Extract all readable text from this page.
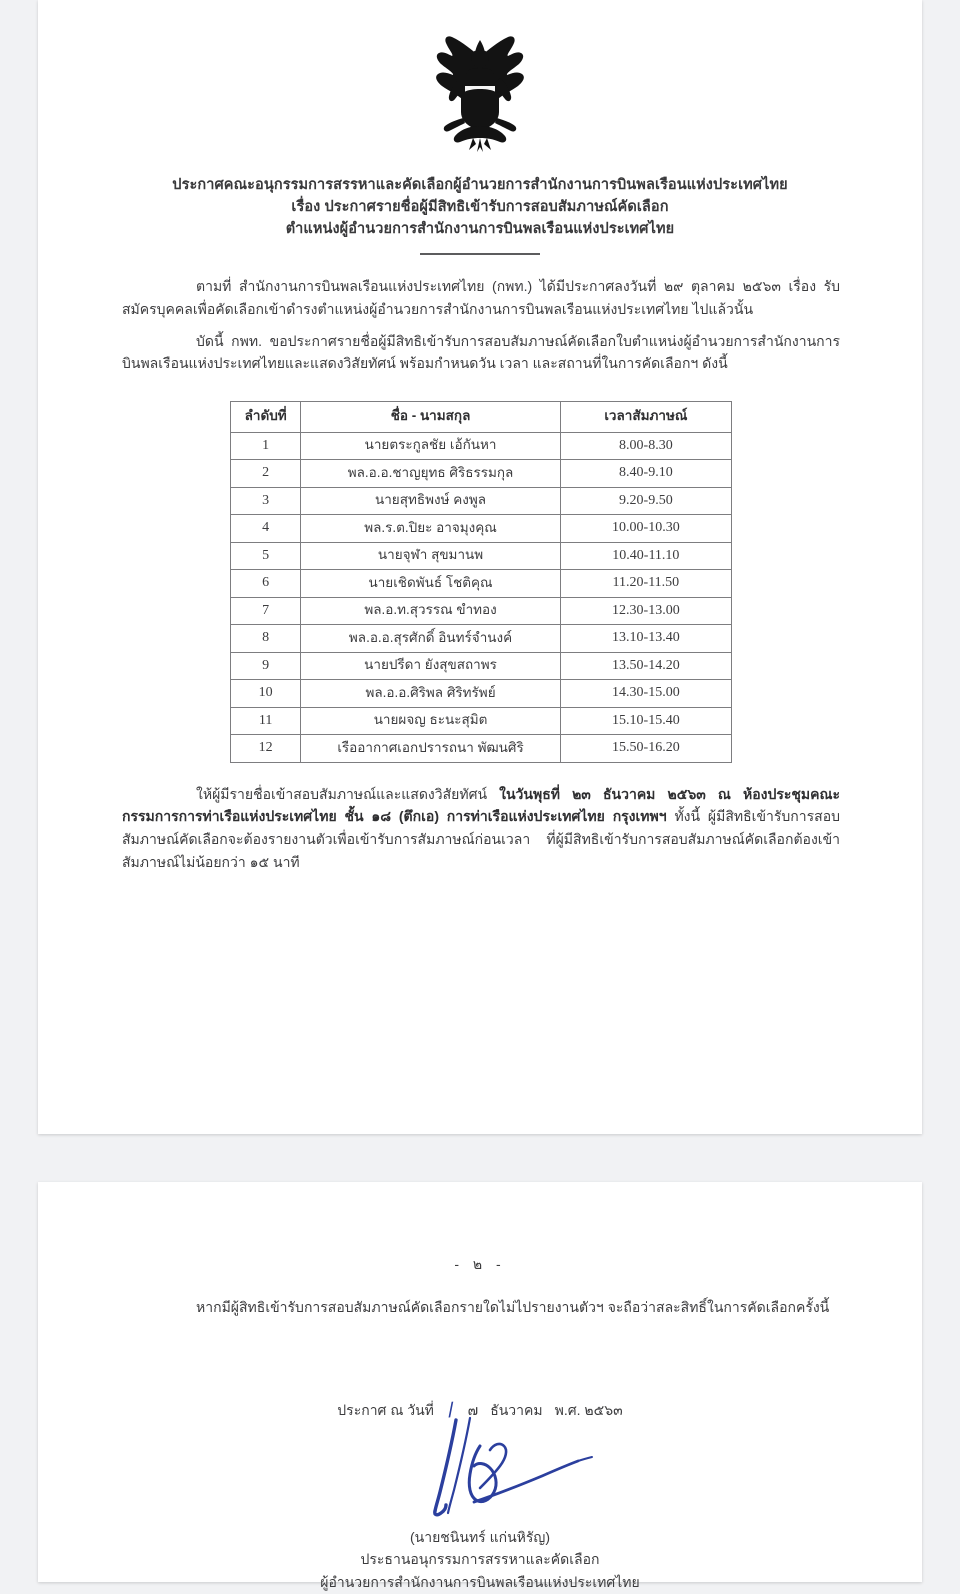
ประกาศคณะอนุกรรมการสรรหาและคัดเลือกผู้อำนวยการสำนักงานการบินพลเรือนแห่งประเทศไทย
เรื่อง ประกาศรายชื่อผู้มีสิทธิเข้ารับการสอบสัมภาษณ์คัดเลือก
ตำแหน่งผู้อำนวยการสำนักงานการบินพลเรือนแห่งประเทศไทย
ตามที่ สำนักงานการบินพลเรือนแห่งประเทศไทย (กพท.) ได้มีประกาศลงวันที่ ๒๙ ตุลาคม ๒๕๖๓ เรื่อง รับสมัครบุคคลเพื่อคัดเลือกเข้าดำรงตำแหน่งผู้อำนวยการสำนักงานการบินพลเรือนแห่งประเทศไทย ไปแล้วนั้น
บัดนี้ กพท. ขอประกาศรายชื่อผู้มีสิทธิเข้ารับการสอบสัมภาษณ์คัดเลือกใบตำแหน่งผู้อำนวยการสำนักงานการบินพลเรือนแห่งประเทศไทยและแสดงวิสัยทัศน์ พร้อมกำหนดวัน เวลา และสถานที่ในการคัดเลือกฯ ดังนี้
ลำดับที่	ชื่อ - นามสกุล	เวลาสัมภาษณ์
1	นายตระกูลชัย เอ้กันหา	8.00-8.30
2	พล.อ.อ.ชาญยุทธ ศิริธรรมกุล	8.40-9.10
3	นายสุทธิพงษ์ คงพูล	9.20-9.50
4	พล.ร.ต.ปิยะ อาจมุงคุณ	10.00-10.30
5	นายจุฬา สุขมานพ	10.40-11.10
6	นายเชิดพันธ์ โชติคุณ	11.20-11.50
7	พล.อ.ท.สุวรรณ ขำทอง	12.30-13.00
8	พล.อ.อ.สุรศักดิ์ อินทร์จำนงค์	13.10-13.40
9	นายปรีดา ยังสุขสถาพร	13.50-14.20
10	พล.อ.อ.ศิริพล ศิริทรัพย์	14.30-15.00
11	นายผจญ ธะนะสุมิต	15.10-15.40
12	เรืออากาศเอกปรารถนา พัฒนศิริ	15.50-16.20
ให้ผู้มีรายชื่อเข้าสอบสัมภาษณ์และแสดงวิสัยทัศน์ ในวันพุธที่ ๒๓ ธันวาคม ๒๕๖๓ ณ ห้องประชุมคณะกรรมการการท่าเรือแห่งประเทศไทย ชั้น ๑๘ (ตึกเอ) การท่าเรือแห่งประเทศไทย กรุงเทพฯ ทั้งนี้ ผู้มีสิทธิเข้ารับการสอบสัมภาษณ์คัดเลือกจะต้องรายงานตัวเพื่อเข้ารับการสัมภาษณ์ก่อนเวลา ที่ผู้มีสิทธิเข้ารับการสอบสัมภาษณ์คัดเลือกต้องเข้าสัมภาษณ์ไม่น้อยกว่า ๑๕ นาที
- ๒ -
หากมีผู้สิทธิเข้ารับการสอบสัมภาษณ์คัดเลือกรายใดไม่ไปรายงานตัวฯ จะถือว่าสละสิทธิ์ในการคัดเลือกครั้งนี้
ประกาศ ณ วันที่ / ๗ ธันวาคม พ.ศ. ๒๕๖๓
(นายชนินทร์ แก่นหิรัญ)
ประธานอนุกรรมการสรรหาและคัดเลือก
ผู้อำนวยการสำนักงานการบินพลเรือนแห่งประเทศไทย
